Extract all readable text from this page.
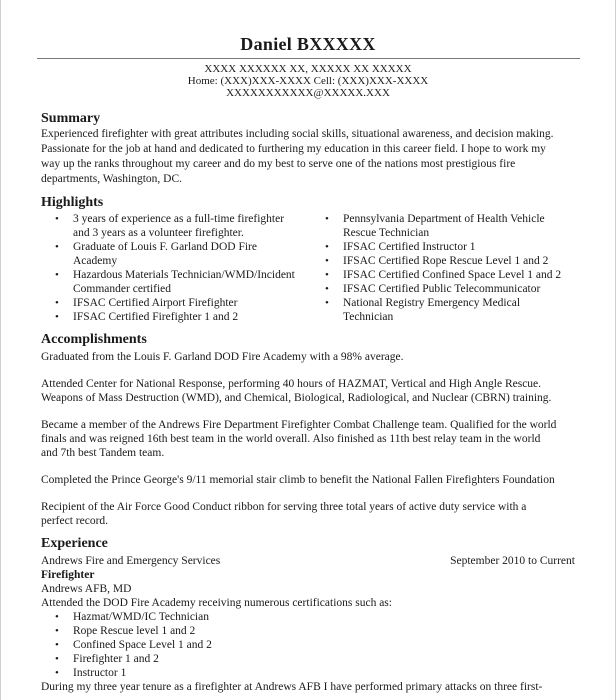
Daniel BXXXXX
XXXX XXXXXX XX, XXXXX XX XXXXX
Home: (XXX)XXX-XXXX Cell: (XXX)XXX-XXXX
XXXXXXXXXXX@XXXXX.XXX
Summary
Experienced firefighter with great attributes including social skills, situational awareness, and decision making.
Passionate for the job at hand and dedicated to furthering my education in this career field. I hope to work my
way up the ranks throughout my career and do my best to serve one of the nations most prestigious fire
departments, Washington, DC.
Highlights
• 3 years of experience as a full-time firefighter
and 3 years as a volunteer firefighter.
• Graduate of Louis F. Garland DOD Fire
Academy
• Hazardous Materials Technician/WMD/Incident
Commander certified
• IFSAC Certified Airport Firefighter
• IFSAC Certified Firefighter 1 and 2
• Pennsylvania Department of Health Vehicle
Rescue Technician
• IFSAC Certified Instructor 1
• IFSAC Certified Rope Rescue Level 1 and 2
• IFSAC Certified Confined Space Level 1 and 2
• IFSAC Certified Public Telecommunicator
• National Registry Emergency Medical
Technician
Accomplishments
Graduated from the Louis F. Garland DOD Fire Academy with a 98% average.
Attended Center for National Response, performing 40 hours of HAZMAT, Vertical and High Angle Rescue.
Weapons of Mass Destruction (WMD), and Chemical, Biological, Radiological, and Nuclear (CBRN) training.
Became a member of the Andrews Fire Department Firefighter Combat Challenge team. Qualified for the world
finals and was reigned 16th best team in the world overall. Also finished as 11th best relay team in the world
and 7th best Tandem team.
Completed the Prince George's 9/11 memorial stair climb to benefit the National Fallen Firefighters Foundation
Recipient of the Air Force Good Conduct ribbon for serving three total years of active duty service with a
perfect record.
Experience
Andrews Fire and Emergency Services	September 2010 to Current
Firefighter
Andrews AFB, MD
Attended the DOD Fire Academy receiving numerous certifications such as:
• Hazmat/WMD/IC Technician
• Rope Rescue level 1 and 2
• Confined Space Level 1 and 2
• Firefighter 1 and 2
• Instructor 1
During my three year tenure as a firefighter at Andrews AFB I have performed primary attacks on three first-
